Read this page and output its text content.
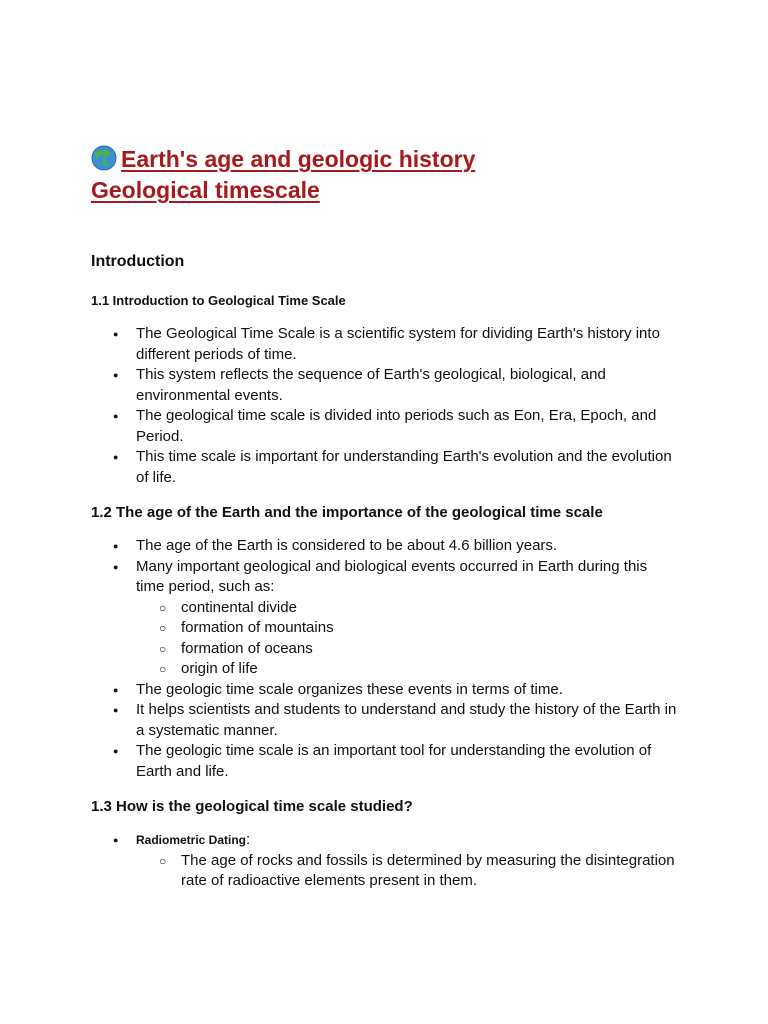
Earth's age and geologic history
Geological timescale
Introduction
1.1 Introduction to Geological Time Scale
● The Geological Time Scale is a scientific system for dividing Earth's history into different periods of time.
● This system reflects the sequence of Earth's geological, biological, and environmental events.
● The geological time scale is divided into periods such as Eon, Era, Epoch, and Period.
● This time scale is important for understanding Earth's evolution and the evolution of life.
1.2 The age of the Earth and the importance of the geological time scale
● The age of the Earth is considered to be about 4.6 billion years.
● Many important geological and biological events occurred in Earth during this time period, such as:
○ continental divide
○ formation of mountains
○ formation of oceans
○ origin of life
● The geologic time scale organizes these events in terms of time.
● It helps scientists and students to understand and study the history of the Earth in a systematic manner.
● The geologic time scale is an important tool for understanding the evolution of Earth and life.
1.3 How is the geological time scale studied?
● Radiometric Dating:
○ The age of rocks and fossils is determined by measuring the disintegration rate of radioactive elements present in them.
